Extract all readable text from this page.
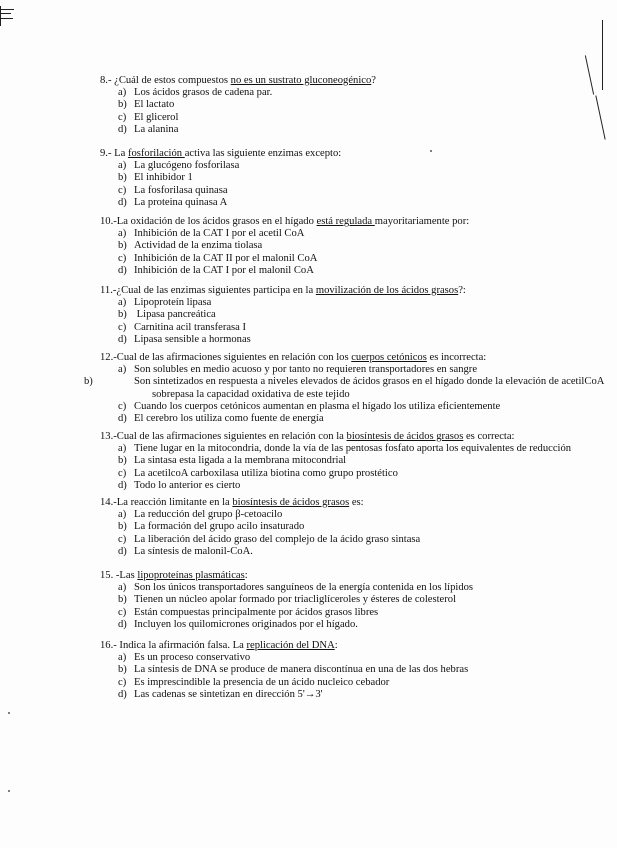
8.- ¿Cuál de estos compuestos no es un sustrato gluconeogénico?
a) Los ácidos grasos de cadena par.
b) El lactato
c) El glicerol
d) La alanina
9.- La fosforilación activa las siguiente enzimas excepto:
a) La glucógeno fosforilasa
b) El inhibidor 1
c) La fosforilasa quinasa
d) La proteina quinasa A
10.-La oxidación de los ácidos grasos en el hígado está regulada mayoritariamente por:
a) Inhibición de la CAT I por el acetil CoA
b) Actividad de la enzima tiolasa
c) Inhibición de la CAT II por el malonil CoA
d) Inhibición de la CAT I por el malonil CoA
11.-¿Cual de las enzimas siguientes participa en la movilización de los ácidos grasos?:
a) Lipoproteín lipasa
b) Lipasa pancreática
c) Carnitina acil transferasa I
d) Lipasa sensible a hormonas
12.-Cual de las afirmaciones siguientes en relación con los cuerpos cetónicos es incorrecta:
a) Son solubles en medio acuoso y por tanto no requieren transportadores en sangre
b)	Son sintetizados en respuesta a niveles elevados de ácidos grasos en el hígado donde la elevación de acetilCoA sobrepasa la capacidad oxidativa de este tejido
c) Cuando los cuerpos cetónicos aumentan en plasma el hígado los utiliza eficientemente
d) El cerebro los utiliza como fuente de energía
13.-Cual de las afirmaciones siguientes en relación con la biosíntesis de ácidos grasos es correcta:
a) Tiene lugar en la mitocondria, donde la vía de las pentosas fosfato aporta los equivalentes de reducción
b) La sintasa esta ligada a la membrana mitocondrial
c) La acetilcoA carboxilasa utiliza biotina como grupo prostético
d) Todo lo anterior es cierto
14.-La reacción limitante en la biosíntesis de ácidos grasos es:
a) La reducción del grupo β-cetoacilo
b) La formación del grupo acilo insaturado
c) La liberación del ácido graso del complejo de la ácido graso sintasa
d) La síntesis de malonil-CoA.
15. -Las lipoproteínas plasmáticas:
a) Son los únicos transportadores sanguíneos de la energía contenida en los lípidos
b) Tienen un núcleo apolar formado por triacliglíceroles y ésteres de colesterol
c) Están compuestas principalmente por ácidos grasos libres
d) Incluyen los quilomicrones originados por el hígado.
16.- Indica la afirmación falsa. La replicación del DNA:
a) Es un proceso conservativo
b) La síntesis de DNA se produce de manera discontínua en una de las dos hebras
c) Es imprescindible la presencia de un ácido nucleico cebador
d) Las cadenas se sintetizan en dirección 5'→3'
